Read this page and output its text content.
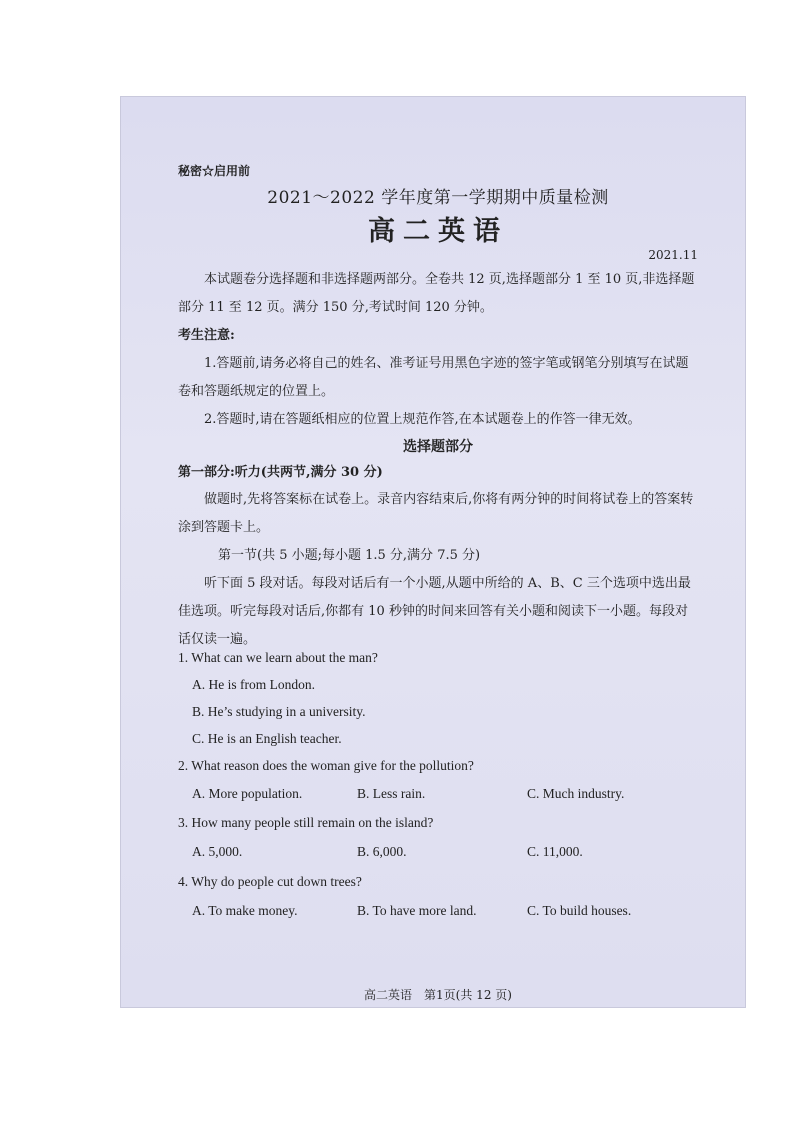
秘密☆启用前
2021～2022 学年度第一学期期中质量检测
高二英语
2021.11

本试题卷分选择题和非选择题两部分。全卷共 12 页,选择题部分 1 至 10 页,非选择题部分 11 至 12 页。满分 150 分,考试时间 120 分钟。

考生注意:

1.答题前,请务必将自己的姓名、准考证号用黑色字迹的签字笔或钢笔分别填写在试题卷和答题纸规定的位置上。

2.答题时,请在答题纸相应的位置上规范作答,在本试题卷上的作答一律无效。

选择题部分

第一部分:听力(共两节,满分 30 分)

做题时,先将答案标在试卷上。录音内容结束后,你将有两分钟的时间将试卷上的答案转涂到答题卡上。

第一节(共 5 小题;每小题 1.5 分,满分 7.5 分)

听下面 5 段对话。每段对话后有一个小题,从题中所给的 A、B、C 三个选项中选出最佳选项。听完每段对话后,你都有 10 秒钟的时间来回答有关小题和阅读下一小题。每段对话仅读一遍。

1. What can we learn about the man?

A. He is from London.

B. He’s studying in a university.

C. He is an English teacher.

2. What reason does the woman give for the pollution?

A. More population.	B. Less rain.	C. Much industry.

3. How many people still remain on the island?

A. 5,000.	B. 6,000.	C. 11,000.

4. Why do people cut down trees?

A. To make money.	B. To have more land.	C. To build houses.
高二英语　第1页(共 12 页)
